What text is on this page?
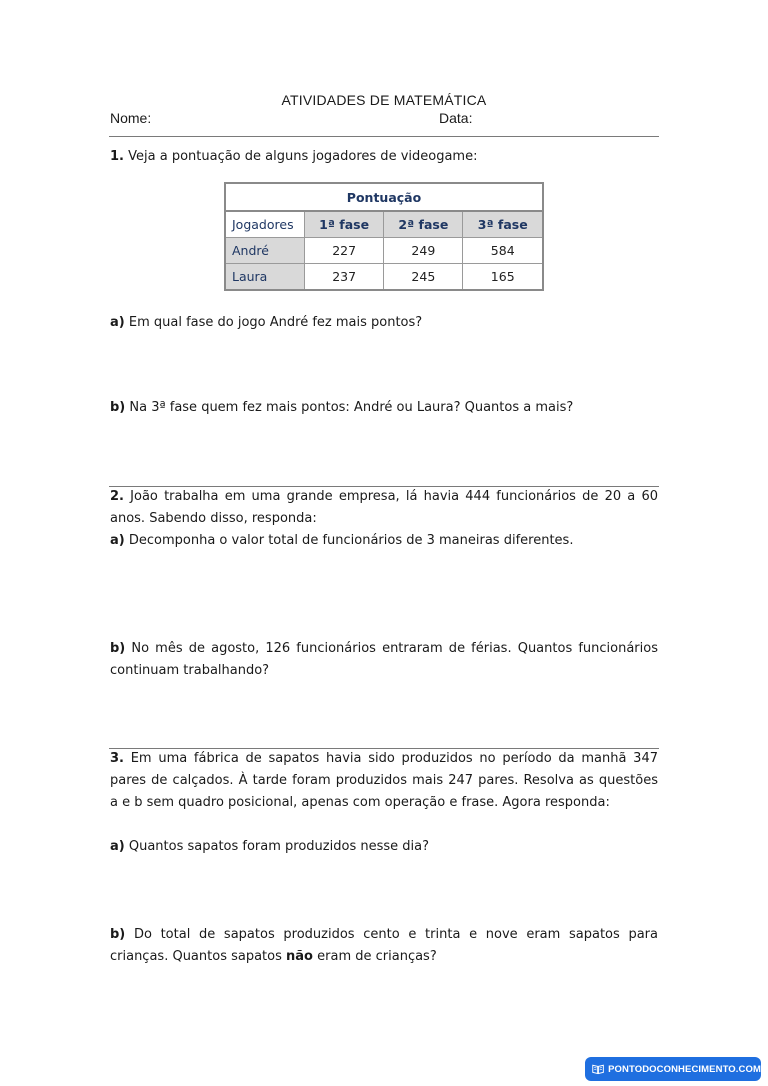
ATIVIDADES DE MATEMÁTICA
Nome:	Data:
1. Veja a pontuação de alguns jogadores de videogame:
Pontuação			
Jogadores	1ª fase	2ª fase	3ª fase
André	227	249	584
Laura	237	245	165
a) Em qual fase do jogo André fez mais pontos?
b) Na 3ª fase quem fez mais pontos: André ou Laura? Quantos a mais?
2. João trabalha em uma grande empresa, lá havia 444 funcionários de 20 a 60 anos. Sabendo disso, responda:
a) Decomponha o valor total de funcionários de 3 maneiras diferentes.
b) No mês de agosto, 126 funcionários entraram de férias. Quantos funcionários continuam trabalhando?
3. Em uma fábrica de sapatos havia sido produzidos no período da manhã 347 pares de calçados. À tarde foram produzidos mais 247 pares. Resolva as questões a e b sem quadro posicional, apenas com operação e frase. Agora responda:
a) Quantos sapatos foram produzidos nesse dia?
b) Do total de sapatos produzidos cento e trinta e nove eram sapatos para crianças. Quantos sapatos não eram de crianças?
PONTODOCONHECIMENTO.COM
